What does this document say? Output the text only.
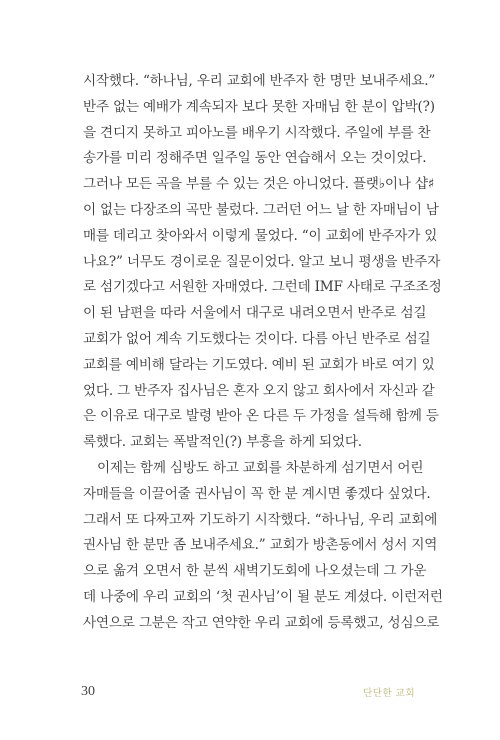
시작했다. “하나님, 우리 교회에 반주자 한 명만 보내주세요.”
반주 없는 예배가 계속되자 보다 못한 자매님 한 분이 압박(?)
을 견디지 못하고 피아노를 배우기 시작했다. 주일에 부를 찬
송가를 미리 정해주면 일주일 동안 연습해서 오는 것이었다.
그러나 모든 곡을 부를 수 있는 것은 아니었다. 플랫♭이나 샵♯
이 없는 다장조의 곡만 불렀다. 그러던 어느 날 한 자매님이 남
매를 데리고 찾아와서 이렇게 물었다. “이 교회에 반주자가 있
나요?” 너무도 경이로운 질문이었다. 알고 보니 평생을 반주자
로 섬기겠다고 서원한 자매였다. 그런데 IMF 사태로 구조조정
이 된 남편을 따라 서울에서 대구로 내려오면서 반주로 섬길
교회가 없어 계속 기도했다는 것이다. 다름 아닌 반주로 섬길
교회를 예비해 달라는 기도였다. 예비 된 교회가 바로 여기 있
었다. 그 반주자 집사님은 혼자 오지 않고 회사에서 자신과 같
은 이유로 대구로 발령 받아 온 다른 두 가정을 설득해 함께 등
록했다. 교회는 폭발적인(?) 부흥을 하게 되었다.
이제는 함께 심방도 하고 교회를 차분하게 섬기면서 어린
자매들을 이끌어줄 권사님이 꼭 한 분 계시면 좋겠다 싶었다.
그래서 또 다짜고짜 기도하기 시작했다. “하나님, 우리 교회에
권사님 한 분만 좀 보내주세요.” 교회가 방촌동에서 성서 지역
으로 옮겨 오면서 한 분씩 새벽기도회에 나오셨는데 그 가운
데 나중에 우리 교회의 ‘첫 권사님’이 될 분도 계셨다. 이런저런
사연으로 그분은 작고 연약한 우리 교회에 등록했고, 성심으로
30	단단한 교회
